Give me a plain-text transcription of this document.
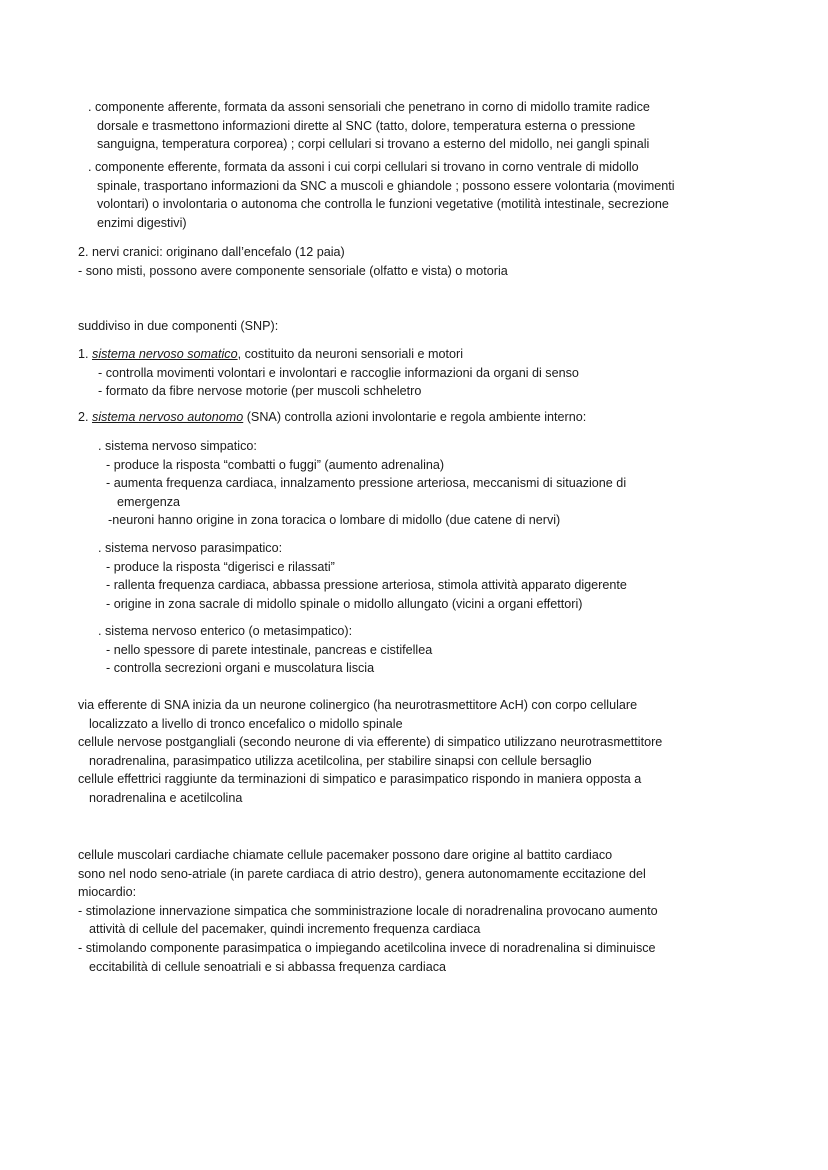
. componente afferente, formata da assoni sensoriali che penetrano in corno di midollo tramite radice

dorsale e trasmettono informazioni dirette al SNC (tatto, dolore, temperatura esterna o pressione

sanguigna, temperatura corporea) ; corpi cellulari si trovano a esterno del midollo, nei gangli spinali

. componente efferente, formata da assoni i cui corpi cellulari si trovano in corno ventrale di midollo

spinale, trasportano informazioni da SNC a muscoli e ghiandole ; possono essere volontaria (movimenti

volontari) o involontaria o autonoma che controlla le funzioni vegetative (motilità intestinale, secrezione

enzimi digestivi)

2. nervi cranici: originano dall’encefalo (12 paia)

- sono misti, possono avere componente sensoriale (olfatto e vista) o motoria

suddiviso in due componenti (SNP):

1. sistema nervoso somatico, costituito da neuroni sensoriali e motori

- controlla movimenti volontari e involontari e raccoglie informazioni da organi di senso

- formato da fibre nervose motorie (per muscoli schheletro

2. sistema nervoso autonomo (SNA) controlla azioni involontarie e regola ambiente interno:

. sistema nervoso simpatico:

- produce la risposta “combatti o fuggi” (aumento adrenalina)

- aumenta frequenza cardiaca, innalzamento pressione arteriosa, meccanismi di situazione di

emergenza

-neuroni hanno origine in zona toracica o lombare di midollo (due catene di nervi)

. sistema nervoso parasimpatico:

- produce la risposta “digerisci e rilassati”

- rallenta frequenza cardiaca, abbassa pressione arteriosa, stimola attività apparato digerente

- origine in zona sacrale di midollo spinale o midollo allungato (vicini a organi effettori)

. sistema nervoso enterico (o metasimpatico):

- nello spessore di parete intestinale, pancreas e cistifellea

- controlla secrezioni organi e muscolatura liscia

via efferente di SNA inizia da un neurone colinergico (ha neurotrasmettitore AcH) con corpo cellulare

localizzato a livello di tronco encefalico o midollo spinale

cellule nervose postgangliali (secondo neurone di via efferente) di simpatico utilizzano neurotrasmettitore

noradrenalina, parasimpatico utilizza acetilcolina, per stabilire sinapsi con cellule bersaglio

cellule effettrici raggiunte da terminazioni di simpatico e parasimpatico rispondo in maniera opposta a

noradrenalina e acetilcolina

cellule muscolari cardiache chiamate cellule pacemaker possono dare origine al battito cardiaco

sono nel nodo seno-atriale (in parete cardiaca di atrio destro), genera autonomamente eccitazione del

miocardio:

- stimolazione innervazione simpatica che somministrazione locale di noradrenalina provocano aumento

attività di cellule del pacemaker, quindi incremento frequenza cardiaca

- stimolando componente parasimpatica o impiegando acetilcolina invece di noradrenalina si diminuisce

eccitabilità di cellule senoatriali e si abbassa frequenza cardiaca
